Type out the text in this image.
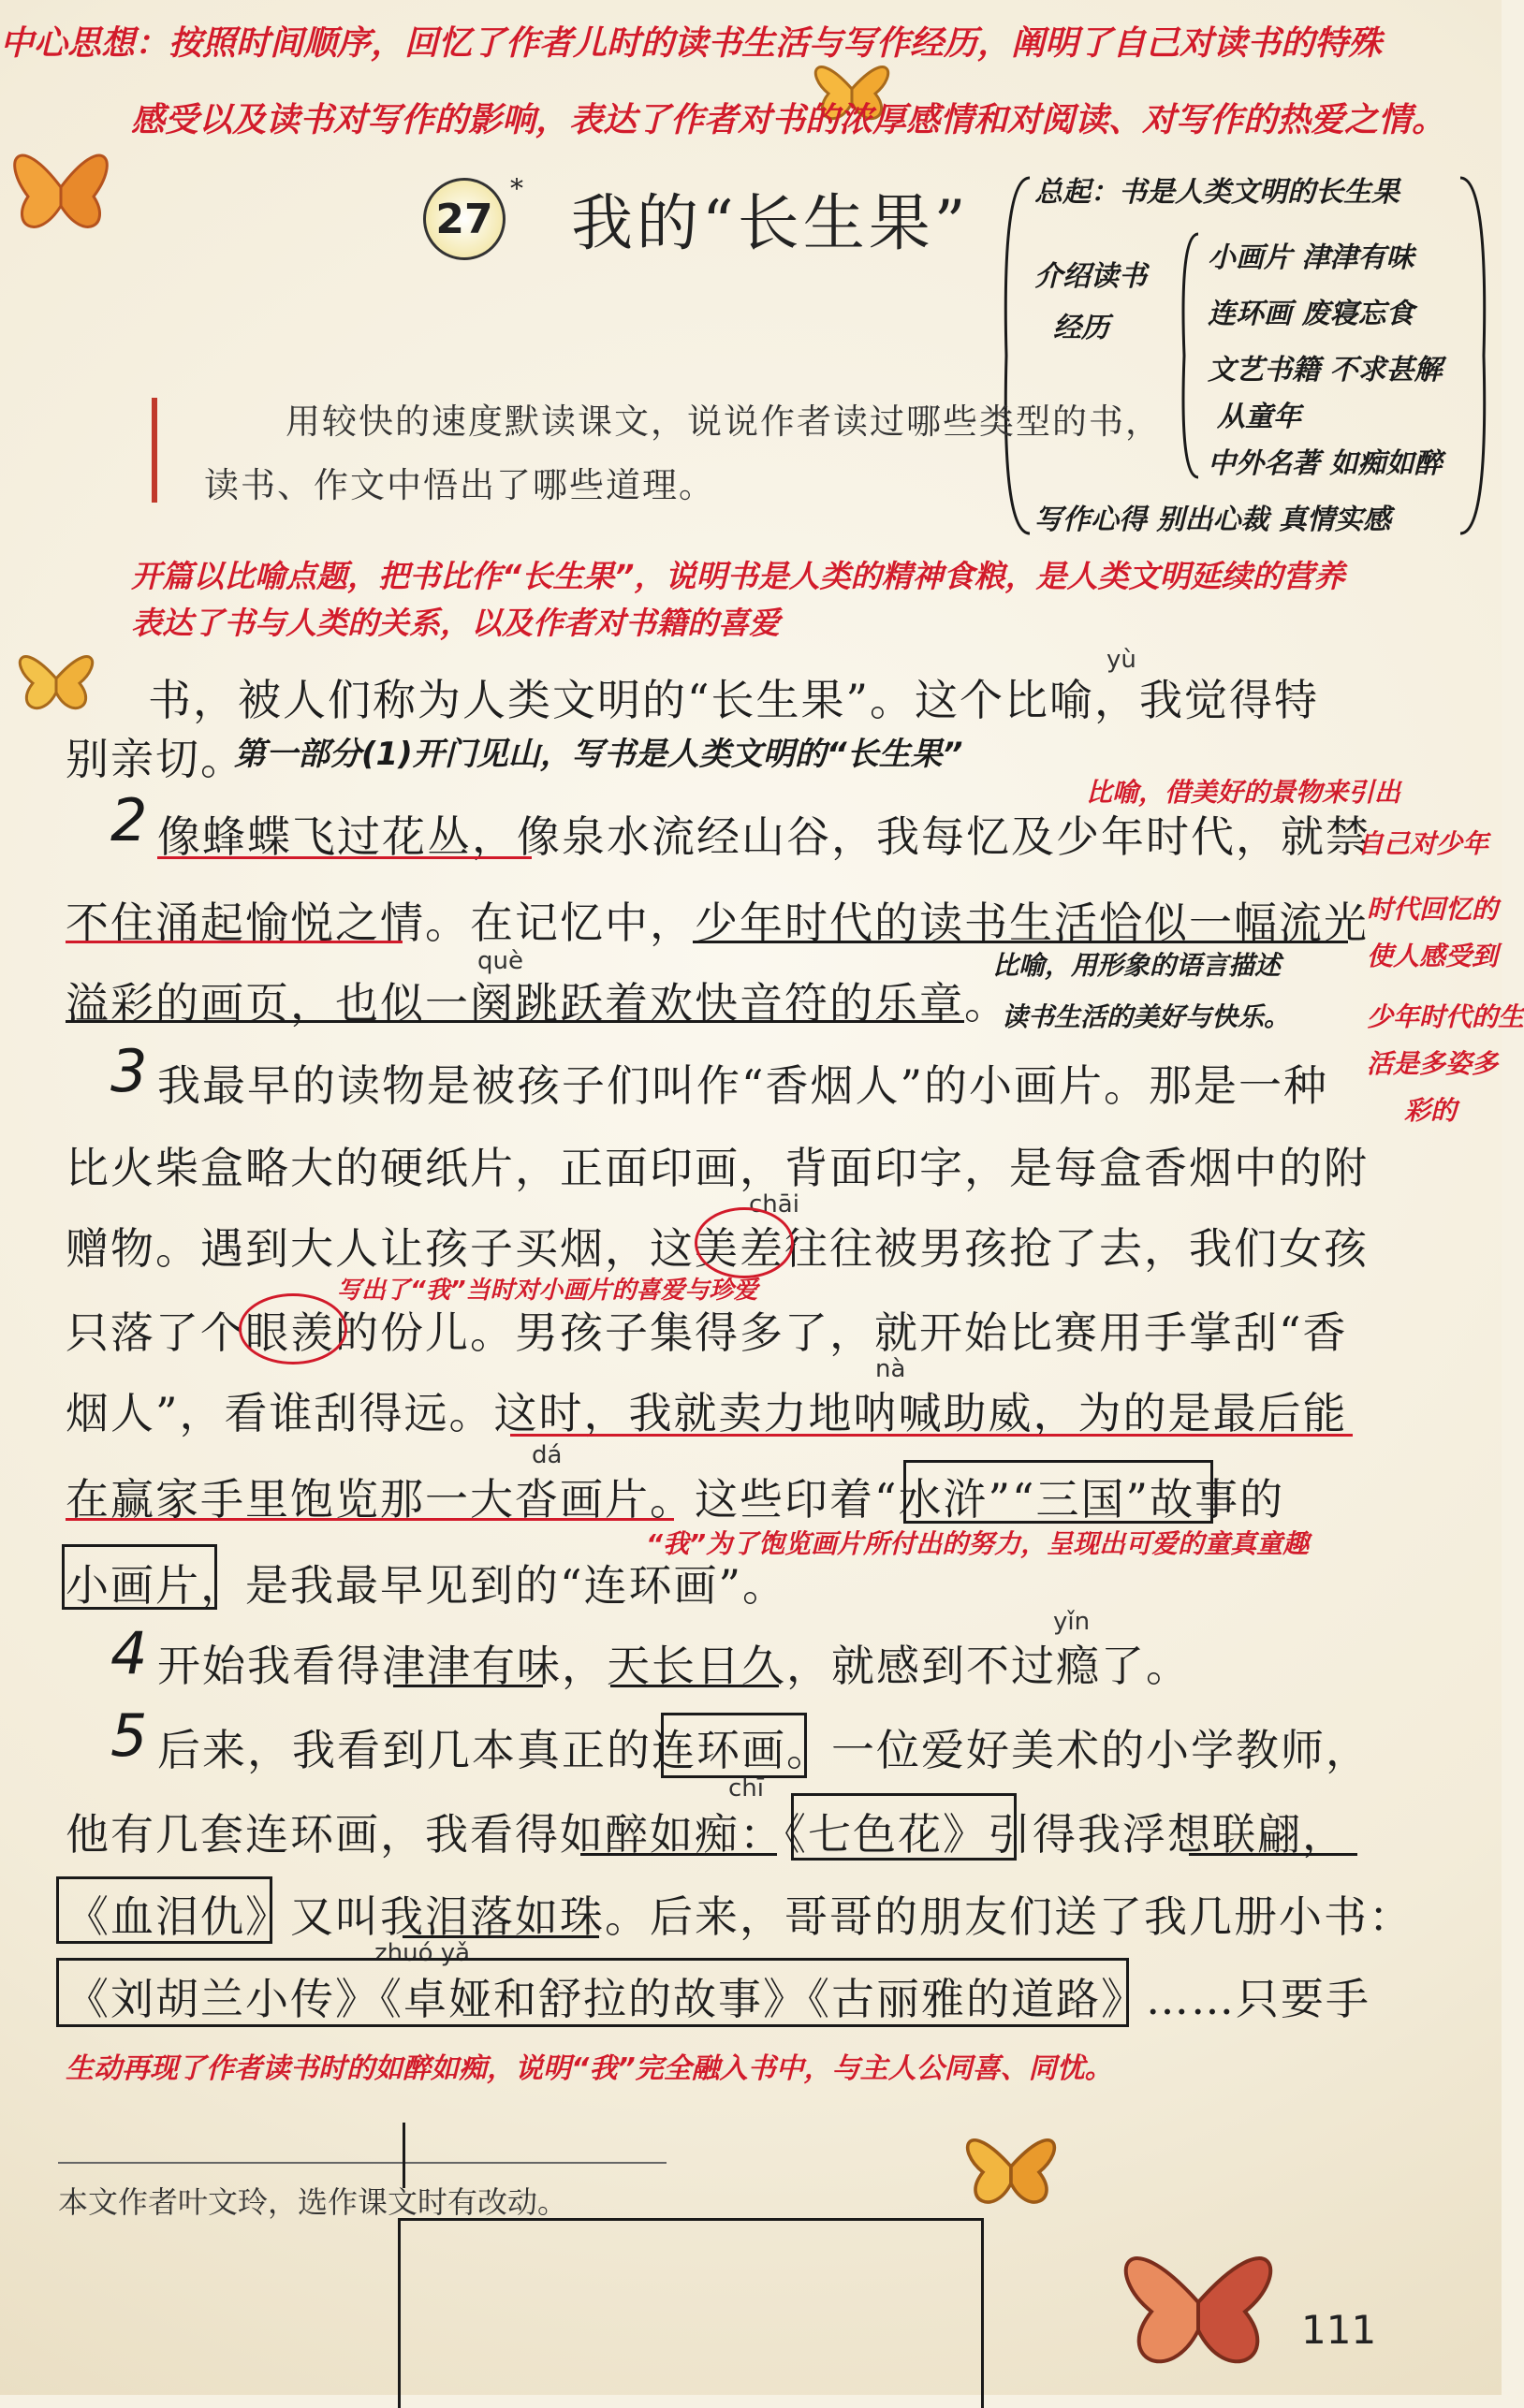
中心思想：按照时间顺序，回忆了作者儿时的读书生活与写作经历，阐明了自己对读书的特殊
感受以及读书对写作的影响，表达了作者对书的浓厚感情和对阅读、对写作的热爱之情。
27
* 我的“长生果” 总起：书是人类文明的长生果
介绍读书
经历
小画片 津津有味
连环画 废寝忘食
文艺书籍 不求甚解
从童年
中外名著 如痴如醉
写作心得 别出心裁 真情实感
用较快的速度默读课文，说说作者读过哪些类型的书，
读书、作文中悟出了哪些道理。
开篇以比喻点题，把书比作“长生果”，说明书是人类的精神食粮，是人类文明延续的营养
表达了书与人类的关系，以及作者对书籍的喜爱
yù
书，被人们称为人类文明的“长生果”。这个比喻，我觉得特
别亲切。
第一部分(1)开门见山，写书是人类文明的“长生果”
2 像蜂蝶飞过花丛，像泉水流经山谷，我每忆及少年时代，就禁
比喻，借美好的景物来引出
自己对少年
不住涌起愉悦之情。在记忆中，少年时代的读书生活恰似一幅流光
时代回忆的
使人感受到
què
溢彩的画页，也似一阕跳跃着欢快音符的乐章。
比喻，用形象的语言描述
读书生活的美好与快乐。	少年时代的生
活是多姿多
彩的
3 我最早的读物是被孩子们叫作“香烟人”的小画片。那是一种
比火柴盒略大的硬纸片，正面印画，背面印字，是每盒香烟中的附
chāi
赠物。遇到大人让孩子买烟，这美差往往被男孩抢了去，我们女孩
写出了“我”当时对小画片的喜爱与珍爱
只落了个眼羡的份儿。男孩子集得多了，就开始比赛用手掌刮“香
nà
烟人”，看谁刮得远。这时，我就卖力地呐喊助威，为的是最后能
dá
在赢家手里饱览那一大沓画片。这些印着“水浒”“三国”故事的
“我”为了饱览画片所付出的努力，呈现出可爱的童真童趣
小画片，是我最早见到的“连环画”。
yǐn
4 开始我看得津津有味，天长日久，就感到不过瘾了。
5 后来，我看到几本真正的连环画。一位爱好美术的小学教师，
chī
他有几套连环画，我看得如醉如痴：《七色花》引得我浮想联翩，
《血泪仇》又叫我泪落如珠。后来，哥哥的朋友们送了我几册小书：
zhuó yǎ
《刘胡兰小传》《卓娅和舒拉的故事》《古丽雅的道路》……只要手
生动再现了作者读书时的如醉如痴，说明“我”完全融入书中，与主人公同喜、同忧。
本文作者叶文玲，选作课文时有改动。
111
